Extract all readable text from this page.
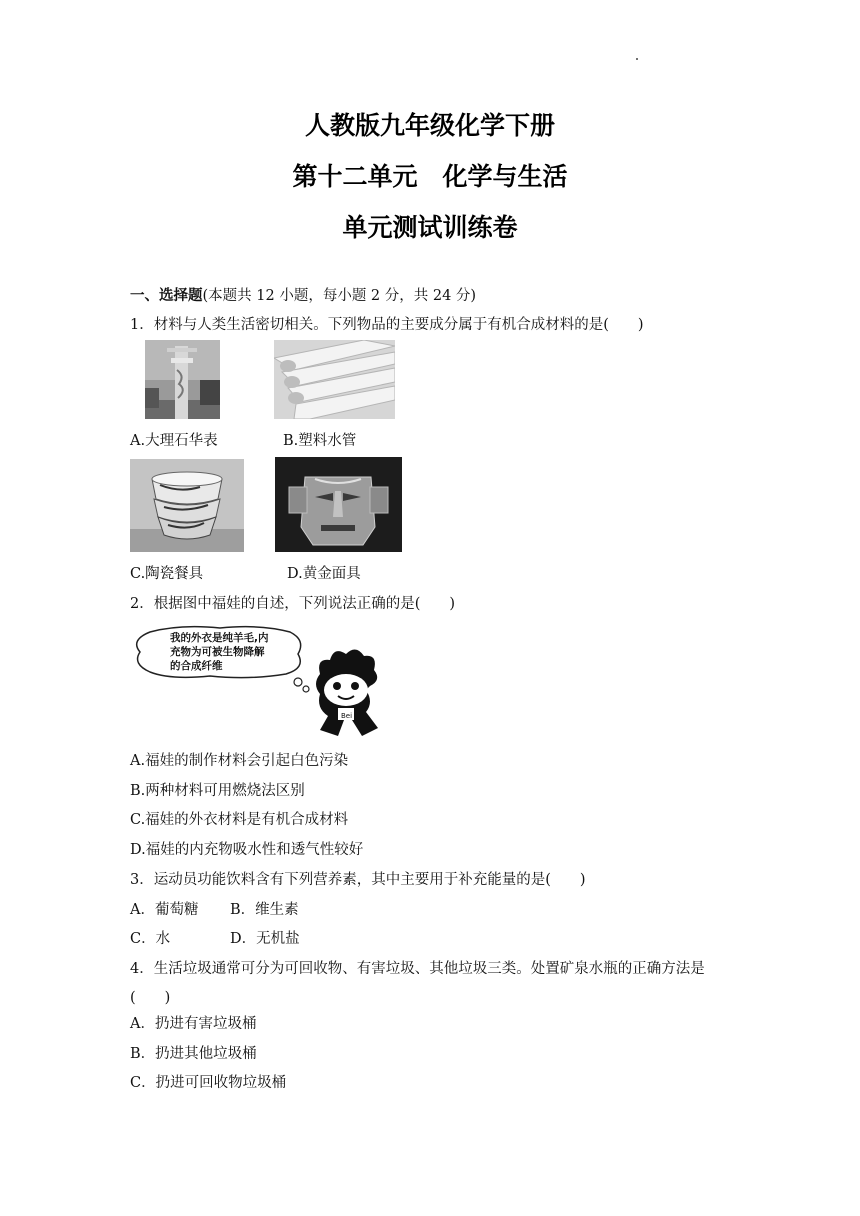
人教版九年级化学下册
第十二单元　化学与生活
单元测试训练卷
一、选择题(本题共 12 小题，每小题 2 分，共 24 分)
1．材料与人类生活密切相关。下列物品的主要成分属于有机合成材料的是(　　)
A.大理石华表	B.塑料水管
C.陶瓷餐具	D.黄金面具
2．根据图中福娃的自述，下列说法正确的是(　　)
Bei
我的外衣是纯羊毛,内
充物为可被生物降解
的合成纤维
A.福娃的制作材料会引起白色污染
B.两种材料可用燃烧法区别
C.福娃的外衣材料是有机合成材料
D.福娃的内充物吸水性和透气性较好
3．运动员功能饮料含有下列营养素，其中主要用于补充能量的是(　　)
A．葡萄糖 B．维生素
C．水	D．无机盐
4．生活垃圾通常可分为可回收物、有害垃圾、其他垃圾三类。处置矿泉水瓶的正确方法是
(　　)
A．扔进有害垃圾桶
B．扔进其他垃圾桶
C．扔进可回收物垃圾桶
